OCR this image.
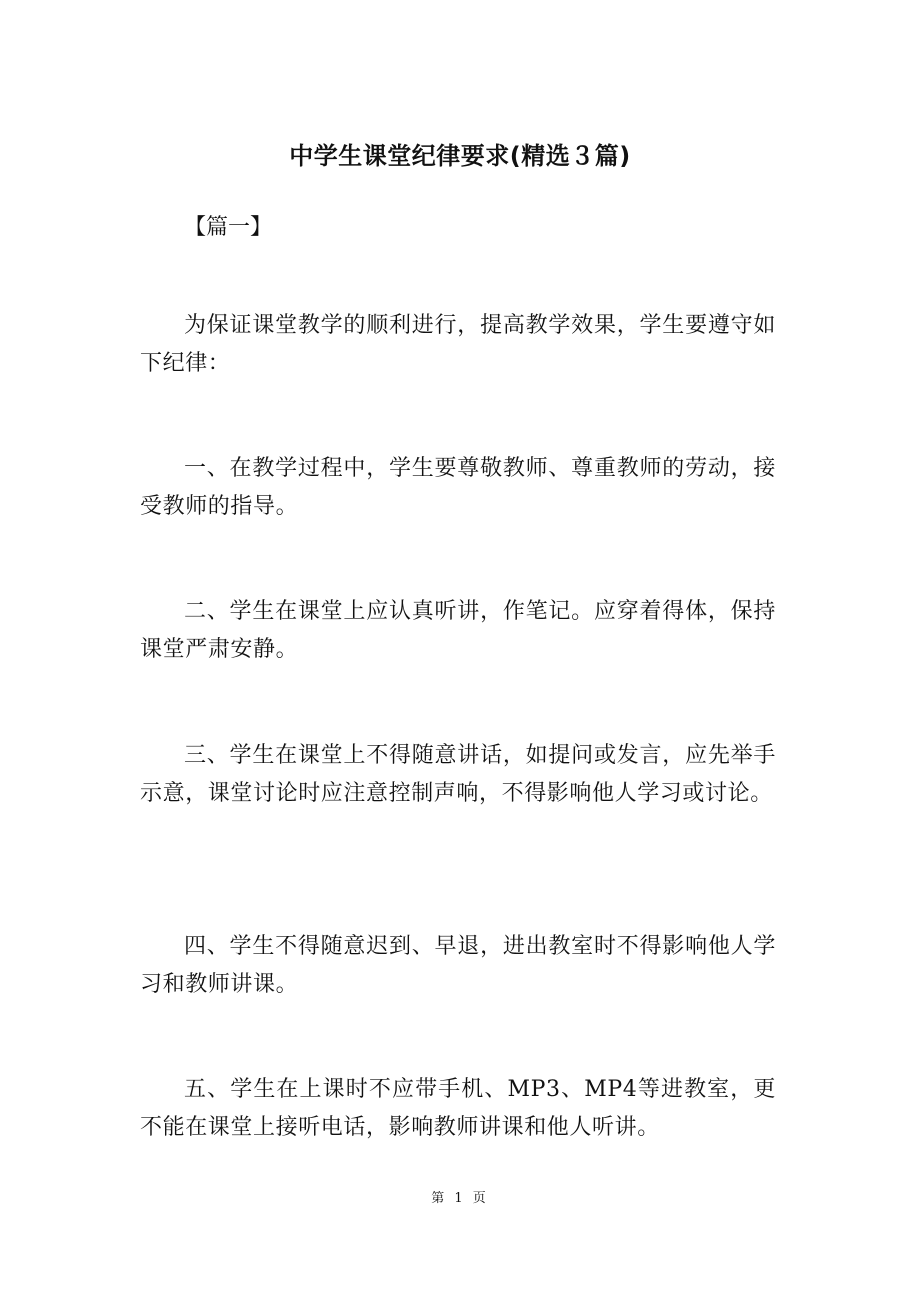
中学生课堂纪律要求(精选３篇)
【篇一】

为保证课堂教学的顺利进行，提高教学效果，学生要遵守如下纪律：

一、在教学过程中，学生要尊敬教师、尊重教师的劳动，接受教师的指导。

二、学生在课堂上应认真听讲，作笔记。应穿着得体，保持课堂严肃安静。

三、学生在课堂上不得随意讲话，如提问或发言，应先举手示意，课堂讨论时应注意控制声响，不得影响他人学习或讨论。

四、学生不得随意迟到、早退，进出教室时不得影响他人学习和教师讲课。

五、学生在上课时不应带手机、MP3、MP4等进教室，更不能在课堂上接听电话，影响教师讲课和他人听讲。

第 1 页
